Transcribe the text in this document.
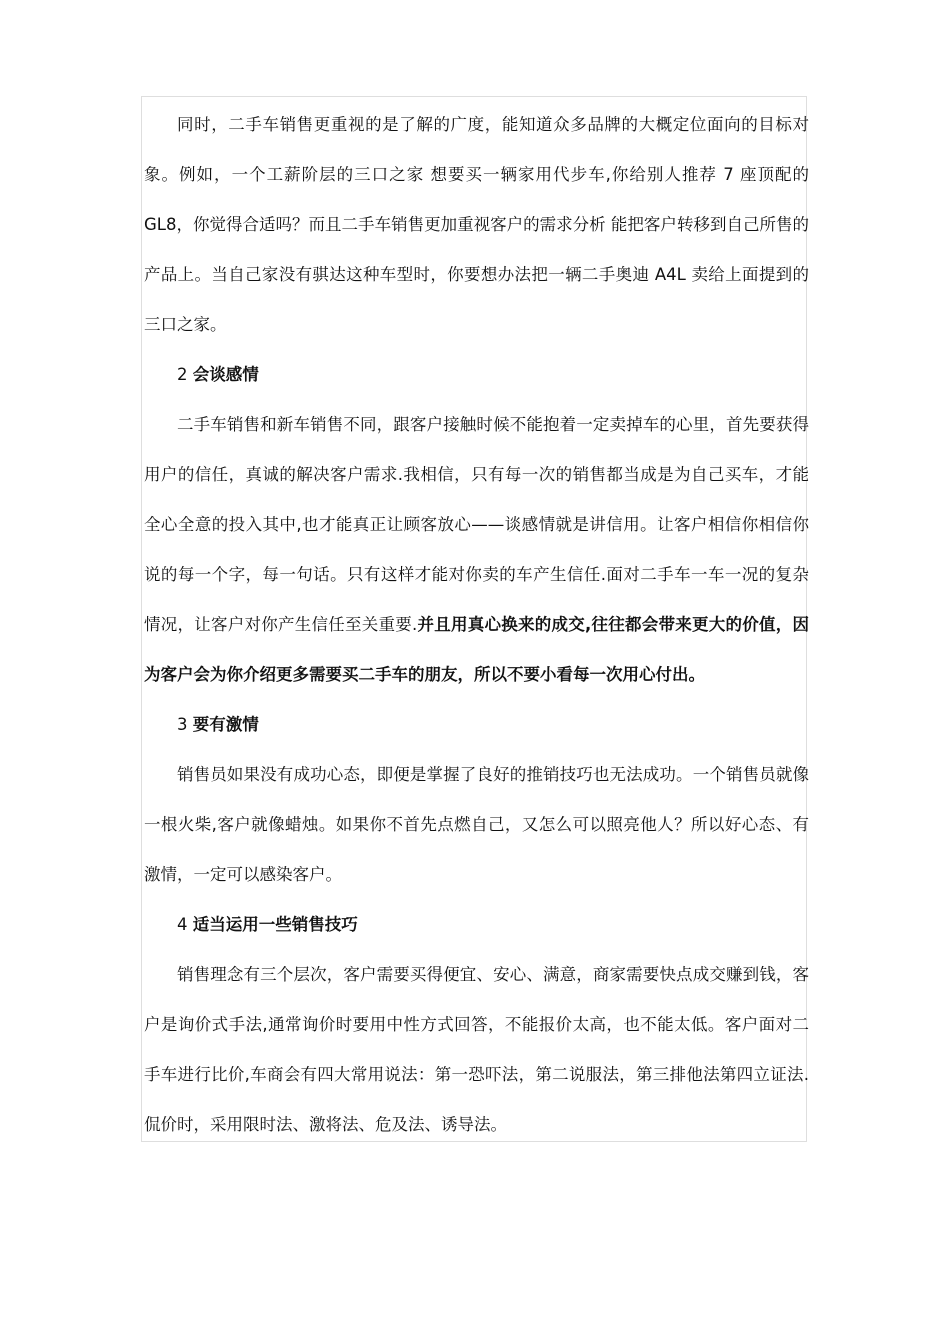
同时，二手车销售更重视的是了解的广度，能知道众多品牌的大概定位面向的目标对象。例如，一个工薪阶层的三口之家 想要买一辆家用代步车,你给别人推荐 7 座顶配的 GL8，你觉得合适吗？而且二手车销售更加重视客户的需求分析 能把客户转移到自己所售的产品上。当自己家没有骐达这种车型时，你要想办法把一辆二手奥迪 A4L 卖给上面提到的三口之家。

2 会谈感情

二手车销售和新车销售不同，跟客户接触时候不能抱着一定卖掉车的心里，首先要获得用户的信任，真诚的解决客户需求.我相信，只有每一次的销售都当成是为自己买车，才能全心全意的投入其中,也才能真正让顾客放心——谈感情就是讲信用。让客户相信你相信你说的每一个字，每一句话。只有这样才能对你卖的车产生信任.面对二手车一车一况的复杂情况，让客户对你产生信任至关重要.并且用真心换来的成交,往往都会带来更大的价值，因为客户会为你介绍更多需要买二手车的朋友，所以不要小看每一次用心付出。

3 要有激情

销售员如果没有成功心态，即便是掌握了良好的推销技巧也无法成功。一个销售员就像一根火柴,客户就像蜡烛。如果你不首先点燃自己，又怎么可以照亮他人？所以好心态、有激情，一定可以感染客户。

4 适当运用一些销售技巧

销售理念有三个层次，客户需要买得便宜、安心、满意，商家需要快点成交赚到钱，客户是询价式手法,通常询价时要用中性方式回答，不能报价太高，也不能太低。客户面对二手车进行比价,车商会有四大常用说法：第一恐吓法，第二说服法，第三排他法第四立证法.侃价时，采用限时法、激将法、危及法、诱导法。
